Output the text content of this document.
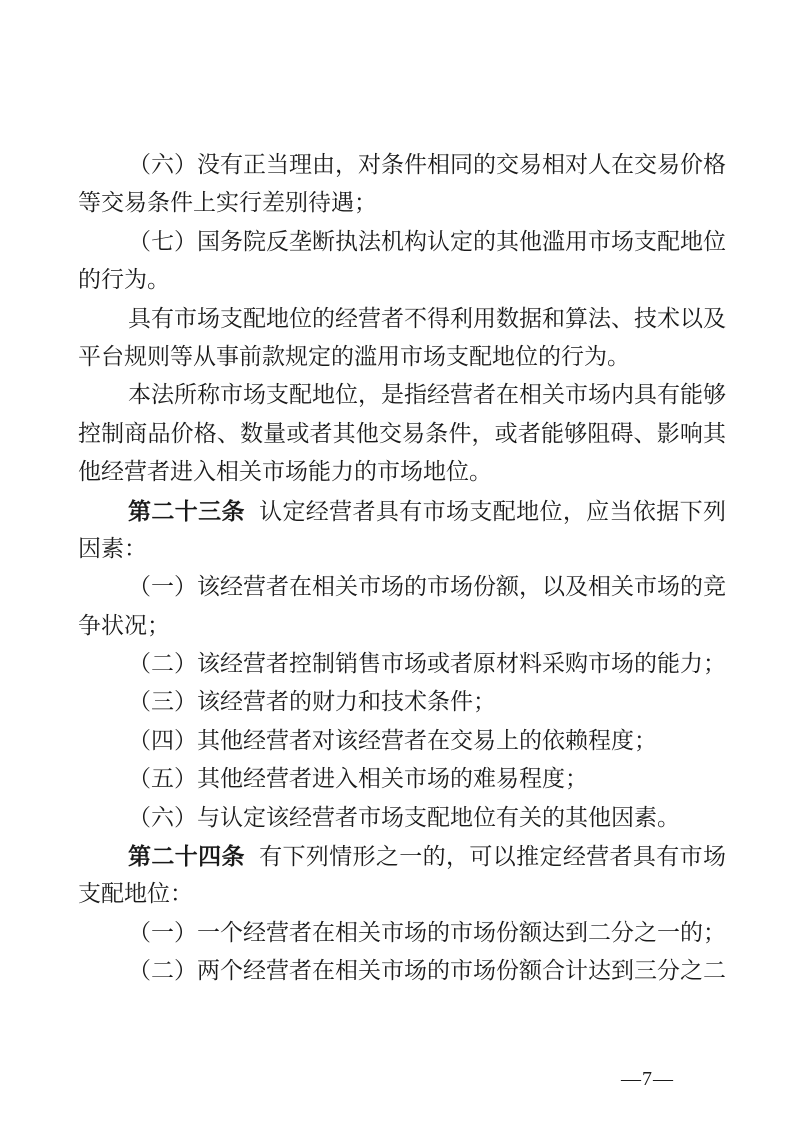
（六）没有正当理由，对条件相同的交易相对人在交易价格
等交易条件上实行差别待遇；
（七）国务院反垄断执法机构认定的其他滥用市场支配地位
的行为。
具有市场支配地位的经营者不得利用数据和算法、技术以及
平台规则等从事前款规定的滥用市场支配地位的行为。
本法所称市场支配地位，是指经营者在相关市场内具有能够
控制商品价格、数量或者其他交易条件，或者能够阻碍、影响其
他经营者进入相关市场能力的市场地位。
第二十三条 认定经营者具有市场支配地位，应当依据下列
因素：
（一）该经营者在相关市场的市场份额，以及相关市场的竞
争状况；
（二）该经营者控制销售市场或者原材料采购市场的能力；
（三）该经营者的财力和技术条件；
（四）其他经营者对该经营者在交易上的依赖程度；
（五）其他经营者进入相关市场的难易程度；
（六）与认定该经营者市场支配地位有关的其他因素。
第二十四条 有下列情形之一的，可以推定经营者具有市场
支配地位：
（一）一个经营者在相关市场的市场份额达到二分之一的；
（二）两个经营者在相关市场的市场份额合计达到三分之二
—7—
